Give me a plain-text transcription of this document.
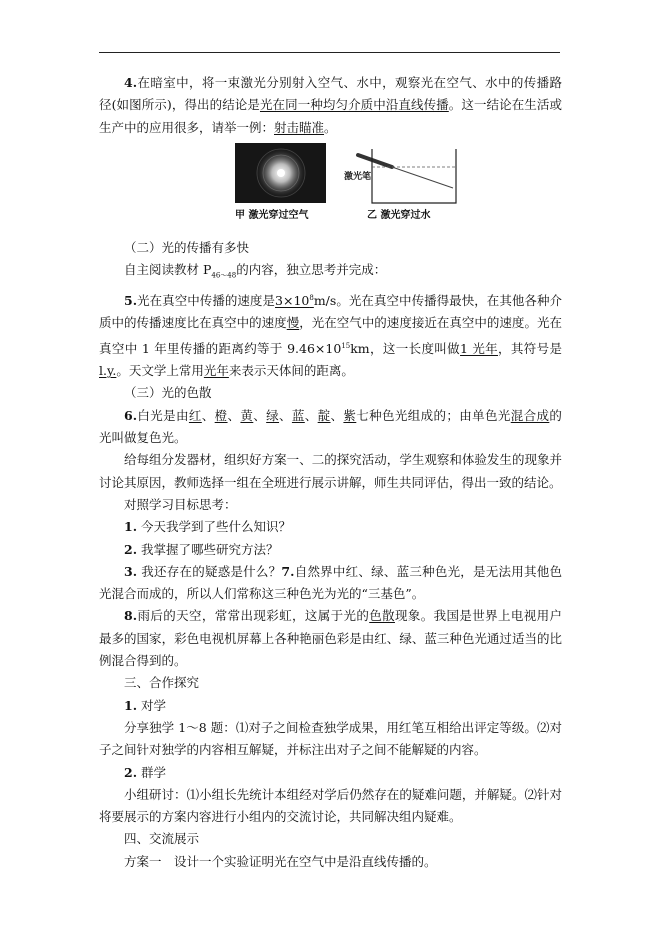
4.在暗室中，将一束激光分别射入空气、水中，观察光在空气、水中的传播路径(如图所示)，得出的结论是光在同一种均匀介质中沿直线传播。这一结论在生活或生产中的应用很多，请举一例：射击瞄准。

激光笔
甲 激光穿过空气	乙 激光穿过水

（二）光的传播有多快

自主阅读教材 $P_{46\sim 48}$的内容，独立思考并完成：

5.光在真空中传播的速度是$3\times 10^8m/s$。光在真空中传播得最快，在其他各种介质中的传播速度比在真空中的速度慢，光在空气中的速度接近在真空中的速度。光在真空中 1 年里传播的距离约等于 $9.46\times 10^{15}km$，这一长度叫做1 光年，其符号是l.y.。天文学上常用光年来表示天体间的距离。

（三）光的色散

6.白光是由红、橙、黄、绿、蓝、靛、紫七种色光组成的；由单色光混合成的光叫做复色光。

给每组分发器材，组织好方案一、二的探究活动，学生观察和体验发生的现象并讨论其原因，教师选择一组在全班进行展示讲解，师生共同评估，得出一致的结论。

对照学习目标思考：

1. 今天我学到了些什么知识？

2. 我掌握了哪些研究方法？

3. 我还存在的疑惑是什么？7.自然界中红、绿、蓝三种色光，是无法用其他色光混合而成的，所以人们常称这三种色光为光的“三基色”。

8.雨后的天空，常常出现彩虹，这属于光的色散现象。我国是世界上电视用户最多的国家，彩色电视机屏幕上各种艳丽色彩是由红、绿、蓝三种色光通过适当的比例混合得到的。

三、合作探究

1. 对学

分享独学 1～8 题：⑴对子之间检查独学成果，用红笔互相给出评定等级。⑵对子之间针对独学的内容相互解疑，并标注出对子之间不能解疑的内容。

2. 群学

小组研讨：⑴小组长先统计本组经对学后仍然存在的疑难问题，并解疑。⑵针对将要展示的方案内容进行小组内的交流讨论，共同解决组内疑难。

四、交流展示

方案一　 设计一个实验证明光在空气中是沿直线传播的。
